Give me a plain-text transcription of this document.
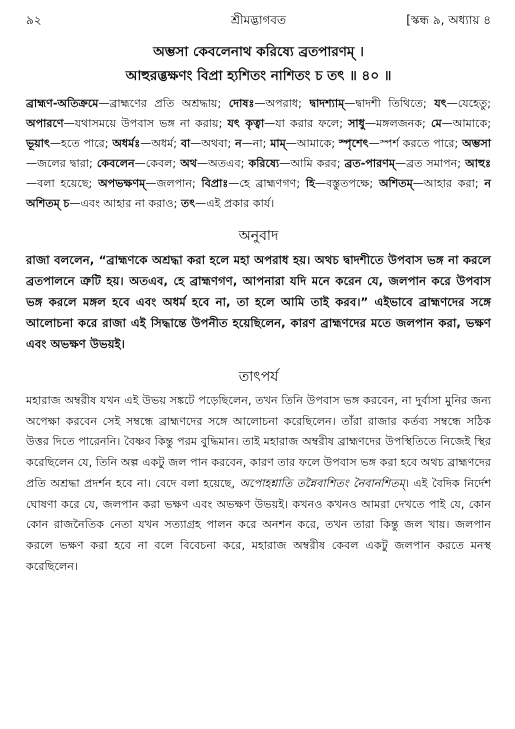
৯২	শ্রীমদ্ভাগবত	[স্কন্ধ ৯, অধ্যায় ৪
অম্ভসা কেবলেনাথ করিষ্যে ব্রতপারণম্ ।
আহুরব্ভক্ষণং বিপ্রা হ্যশিতং নাশিতং চ তৎ ॥ ৪০ ॥
ব্রাহ্মণ-অতিক্রমে—ব্রাহ্মণের প্রতি অশ্রদ্ধায়; দোষঃ—অপরাধ; দ্বাদশ্যাম্—দ্বাদশী তিথিতে; যৎ—যেহেতু; অপারণে—যথাসময়ে উপবাস ভঙ্গ না করায়; যৎ কৃত্বা—যা করার ফলে; সাধু—মঙ্গলজনক; মে—আমাকে; ভূয়াৎ—হতে পারে; অধর্মঃ—অধর্ম; বা—অথবা; ন—না; মাম্—আমাকে; স্পৃশেৎ—স্পর্শ করতে পারে; অম্ভসা—জলের দ্বারা; কেবলেন—কেবল; অথ—অতএব; করিষ্যে—আমি করব; ব্রত-পারণম্—ব্রত সমাপন; আহুঃ—বলা হয়েছে; অপভক্ষণম্—জলপান; বিপ্রাঃ—হে ব্রাহ্মণগণ; হি—বস্তুতপক্ষে; অশিতম্—আহার করা; ন অশিতম্ চ—এবং আহার না করাও; তৎ—এই প্রকার কার্য।
অনুবাদ
রাজা বললেন, “ব্রাহ্মণকে অশ্রদ্ধা করা হলে মহা অপরাধ হয়। অথচ দ্বাদশীতে উপবাস ভঙ্গ না করলে ব্রতপালনে ত্রুটি হয়। অতএব, হে ব্রাহ্মণগণ, আপনারা যদি মনে করেন যে, জলপান করে উপবাস ভঙ্গ করলে মঙ্গল হবে এবং অধর্ম হবে না, তা হলে আমি তাই করব।” এইভাবে ব্রাহ্মণদের সঙ্গে আলোচনা করে রাজা এই সিদ্ধান্তে উপনীত হয়েছিলেন, কারণ ব্রাহ্মণদের মতে জলপান করা, ভক্ষণ এবং অভক্ষণ উভয়ই।
তাৎপর্য
মহারাজ অম্বরীষ যখন এই উভয় সঙ্কটে পড়েছিলেন, তখন তিনি উপবাস ভঙ্গ করবেন, না দুর্বাসা মুনির জন্য অপেক্ষা করবেন সেই সম্বন্ধে ব্রাহ্মণদের সঙ্গে আলোচনা করেছিলেন। তাঁরা রাজার কর্তব্য সম্বন্ধে সঠিক উত্তর দিতে পারেননি। বৈষ্ণব কিন্তু পরম বুদ্ধিমান। তাই মহারাজ অম্বরীষ ব্রাহ্মণদের উপস্থিতিতে নিজেই স্থির করেছিলেন যে, তিনি অল্প একটু জল পান করবেন, কারণ তার ফলে উপবাস ভঙ্গ করা হবে অথচ ব্রাহ্মণদের প্রতি অশ্রদ্ধা প্রদর্শন হবে না। বেদে বলা হয়েছে, অপোহশ্নাতি তন্নৈবাশিতং নৈবানশিতম্। এই বৈদিক নির্দেশ ঘোষণা করে যে, জলপান করা ভক্ষণ এবং অভক্ষণ উভয়ই। কখনও কখনও আমরা দেখতে পাই যে, কোন কোন রাজনৈতিক নেতা যখন সত্যাগ্রহ পালন করে অনশন করে, তখন তারা কিন্তু জল খায়। জলপান করলে ভক্ষণ করা হবে না বলে বিবেচনা করে, মহারাজ অম্বরীষ কেবল একটু জলপান করতে মনস্থ করেছিলেন।
